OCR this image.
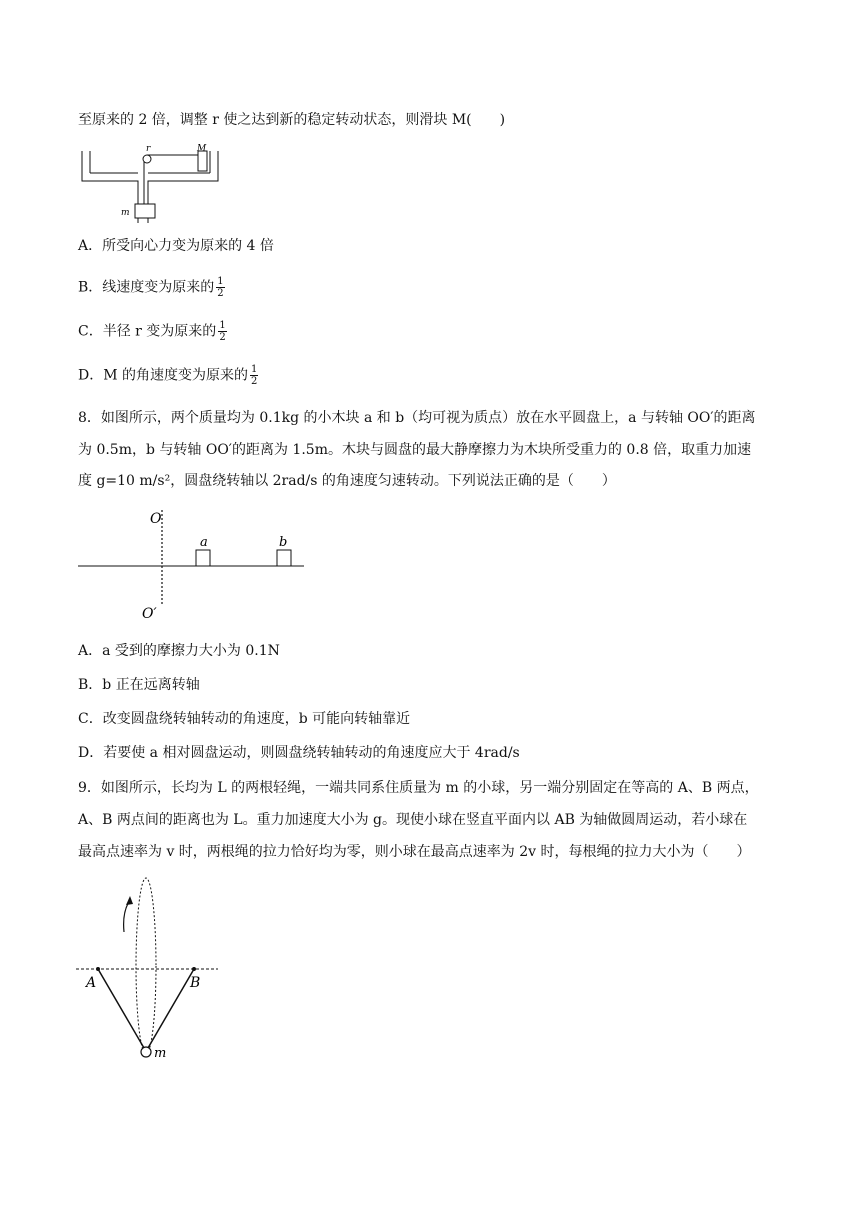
至原来的 2 倍，调整 r 使之达到新的稳定转动状态，则滑块 M(　　)
r	M
m
A．所受向心力变为原来的 4 倍
B．线速度变为原来的 $\frac{1}{2}$
C．半径 r 变为原来的 $\frac{1}{2}$
D．M 的角速度变为原来的 $\frac{1}{2}$
8．如图所示，两个质量均为 0.1kg 的小木块 a 和 b（均可视为质点）放在水平圆盘上，a 与转轴 OO′的距离
为 0.5m，b 与转轴 OO′的距离为 1.5m。木块与圆盘的最大静摩擦力为木块所受重力的 0.8 倍，取重力加速
度 g=10 m/s²，圆盘绕转轴以 2rad/s 的角速度匀速转动。下列说法正确的是（　　）
O
O′
a	b
A．a 受到的摩擦力大小为 0.1N
B．b 正在远离转轴
C．改变圆盘绕转轴转动的角速度，b 可能向转轴靠近
D．若要使 a 相对圆盘运动，则圆盘绕转轴转动的角速度应大于 4rad/s
9．如图所示，长均为 L 的两根轻绳，一端共同系住质量为 m 的小球，另一端分别固定在等高的 A、B 两点，
A、B 两点间的距离也为 L。重力加速度大小为 g。现使小球在竖直平面内以 AB 为轴做圆周运动，若小球在
最高点速率为 v 时，两根绳的拉力恰好均为零，则小球在最高点速率为 2v 时，每根绳的拉力大小为（　　）
A	B
m
